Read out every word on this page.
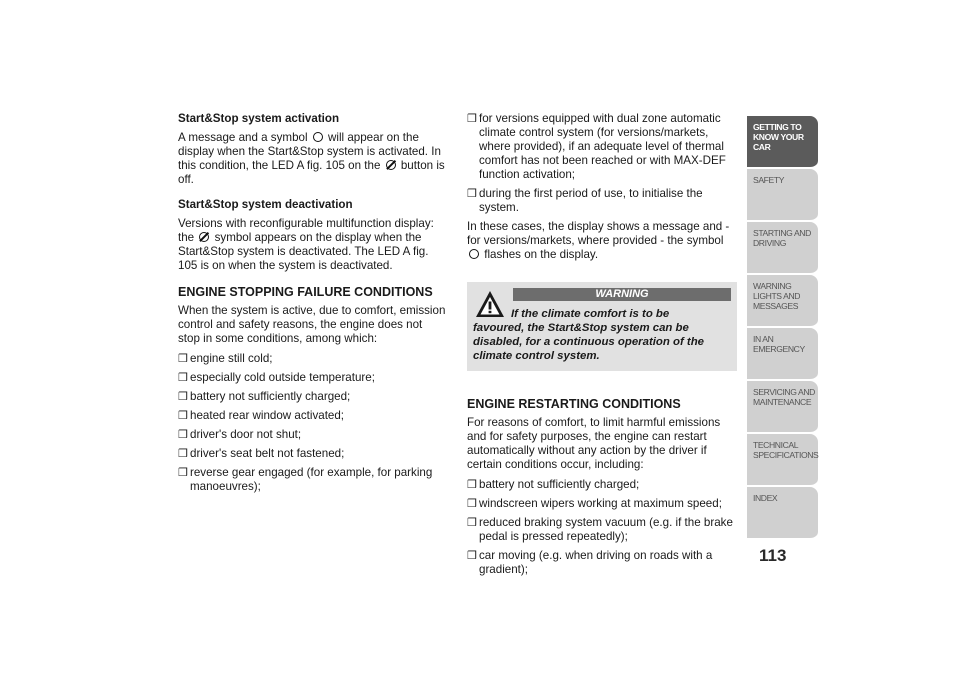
Start&Stop system activation

A message and a symbol will appear on the display when the Start&Stop system is activated. In this condition, the LED A fig. 105 on the button is off.

Start&Stop system deactivation

Versions with reconfigurable multifunction display: the symbol appears on the display when the Start&Stop system is deactivated. The LED A fig. 105 is on when the system is deactivated.

ENGINE STOPPING FAILURE CONDITIONS

When the system is active, due to comfort, emission control and safety reasons, the engine does not stop in some conditions, among which:

❒ engine still cold;
❒ especially cold outside temperature;
❒ battery not sufficiently charged;
❒ heated rear window activated;
❒ driver's door not shut;
❒ driver's seat belt not fastened;
❒ reverse gear engaged (for example, for parking manoeuvres);
❒ for versions equipped with dual zone automatic climate control system (for versions/markets, where provided), if an adequate level of thermal comfort has not been reached or with MAX-DEF function activation;
❒ during the first period of use, to initialise the system.

In these cases, the display shows a message and - for versions/markets, where provided - the symbol  flashes on the display.

WARNING
If the climate comfort is to be
favoured, the Start&Stop system can be disabled, for a continuous operation of the climate control system.

ENGINE RESTARTING CONDITIONS

For reasons of comfort, to limit harmful emissions and for safety purposes, the engine can restart automatically without any action by the driver if certain conditions occur, including:

❒ battery not sufficiently charged;
❒ windscreen wipers working at maximum speed;
❒ reduced braking system vacuum (e.g. if the brake pedal is pressed repeatedly);
❒ car moving (e.g. when driving on roads with a gradient);
GETTING TO KNOW YOUR CAR
SAFETY
STARTING AND DRIVING
WARNING LIGHTS AND MESSAGES
IN AN EMERGENCY
SERVICING AND MAINTENANCE
TECHNICAL SPECIFICATIONS
INDEX
113
